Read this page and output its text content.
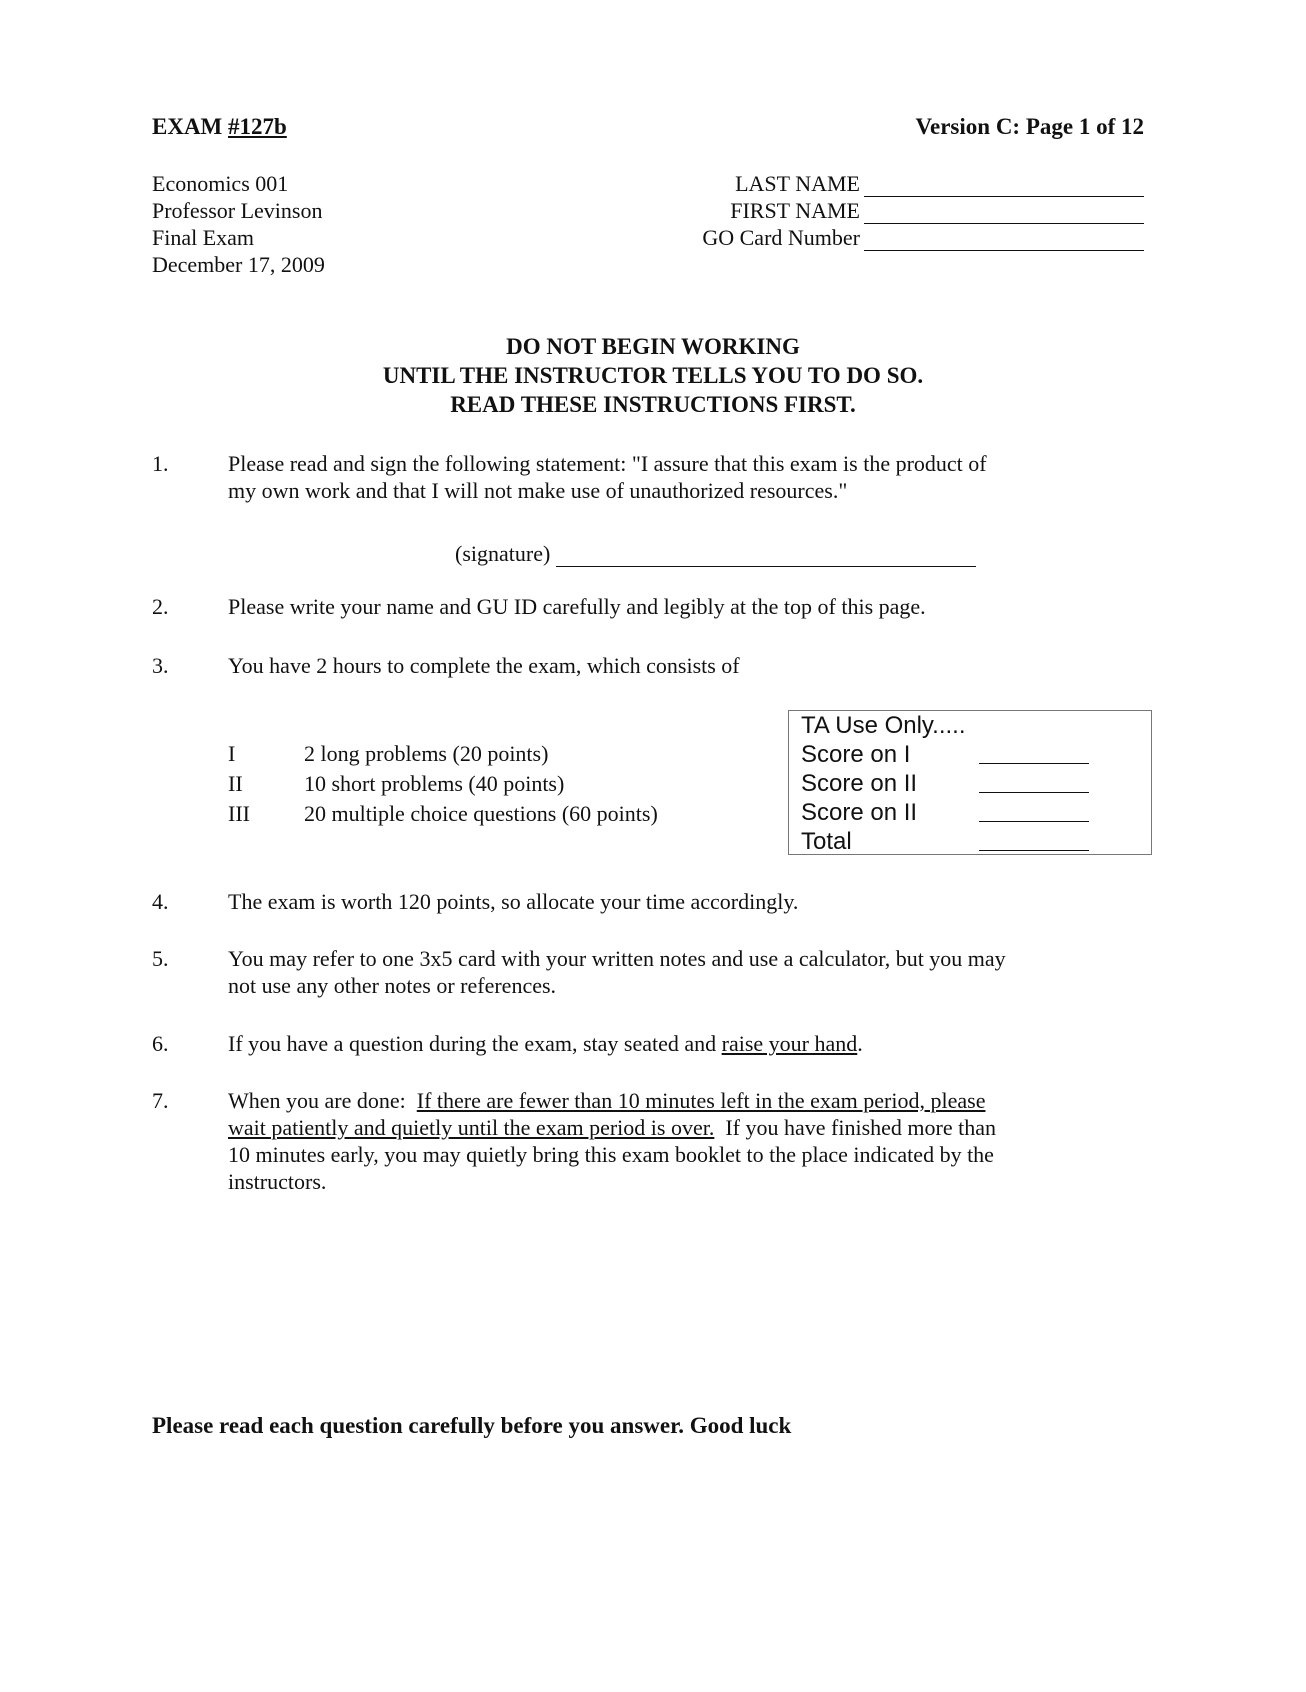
EXAM #127b	Version C: Page 1 of 12
Economics 001
Professor Levinson
Final Exam
December 17, 2009
LAST NAME
FIRST NAME
GO Card Number
DO NOT BEGIN WORKING
UNTIL THE INSTRUCTOR TELLS YOU TO DO SO.
READ THESE INSTRUCTIONS FIRST.
1.	Please read and sign the following statement: "I assure that this exam is the product of
my own work and that I will not make use of unauthorized resources."
(signature)
2.	Please write your name and GU ID carefully and legibly at the top of this page.
3.	You have 2 hours to complete the exam, which consists of
I	2 long problems (20 points)
II	10 short problems (40 points)
III	20 multiple choice questions (60 points)
TA Use Only.....
Score on I
Score on II
Score on II
Total
4.	The exam is worth 120 points, so allocate your time accordingly.
5.	You may refer to one 3x5 card with your written notes and use a calculator, but you may
not use any other notes or references.
6.	If you have a question during the exam, stay seated and raise your hand.
7.	When you are done:  If there are fewer than 10 minutes left in the exam period, please
wait patiently and quietly until the exam period is over.  If you have finished more than
10 minutes early, you may quietly bring this exam booklet to the place indicated by the
instructors.
Please read each question carefully before you answer. Good luck
